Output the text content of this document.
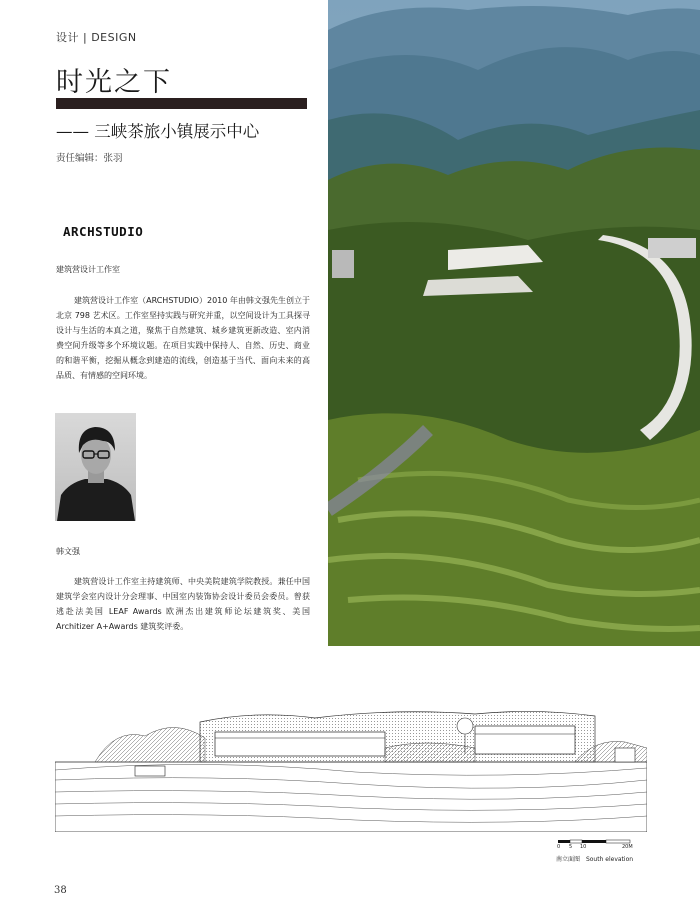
设计 | DESIGN
时光之下
—— 三峡茶旅小镇展示中心
责任编辑：张羽
ARCHSTUDIO
建筑营设计工作室
建筑营设计工作室（ARCHSTUDIO）2010 年由韩文强先生创立于北京 798 艺术区。工作室坚持实践与研究并重，以空间设计为工具探寻设计与生活的本真之道，聚焦于自然建筑、城乡建筑更新改造、室内消费空间升级等多个环境议题。在项目实践中保持人、自然、历史、商业的和谐平衡，挖掘从概念到建造的流线，创造基于当代、面向未来的高品质、有情感的空间环境。
韩文强
建筑营设计工作室主持建筑师、中央美院建筑学院教授。兼任中国建筑学会室内设计分会理事、中国室内装饰协会设计委员会委员。曾获逃赴法美国 LEAF Awards 欧洲杰出建筑师论坛建筑奖、美国 Architizer A+Awards 建筑奖评委。
0 5 10	20M
南立面图 South elevation
38
